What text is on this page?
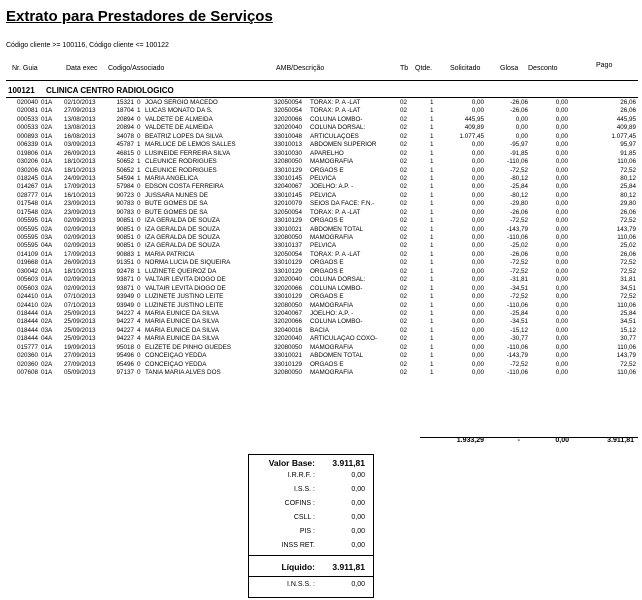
Extrato para Prestadores de Serviços
Código cliente >= 100116, Código cliente <= 100122
Nr. Guia	Data exec Codigo/Associado	AMB/Descrição	Tb Qtde.	Solicitado	Glosa Desconto	Pago
100121 CLINICA CENTRO RADIOLOGICO
020040 01A	02/10/2013	15321 0 JOAO SERGIO MACEDO	32050054	TORAX: P. A -LAT	02	1	0,00	-26,06	0,00	26,06
020081 01A	27/09/2013	18704 1 LUCAS MONATO DA S.	32050054	TORAX: P. A -LAT	02	1	0,00	-26,06	0,00	26,06
000533 01A	13/08/2013	20894 0 VALDETE DE ALMEIDA	32020066	COLUNA LOMBO-	02	1	445,95	0,00	0,00	445,95
000533 02A	13/08/2013	20894 0 VALDETE DE ALMEIDA	32020040	COLUNA DORSAL:	02	1	409,89	0,00	0,00	409,89
000893 01A	16/08/2013	34078 0 BEATRIZ LOPES DA SILVA	33010048	ARTICULAÇÕES	02	1	1.077,45	0,00	0,00	1.077,45
006339 01A	03/09/2013	45787 1 MARLUCE DE LEMOS SALLES	33010013	ABDOMEN SUPERIOR	02	1	0,00	-95,97	0,00	95,97
019806 01A	26/09/2013	46815 0 LUSINEIDE FERREIRA SILVA	33010030	APARELHO	02	1	0,00	-91,85	0,00	91,85
030206 01A	18/10/2013	50652 1 CLEUNICE RODRIGUES	32080050	MAMOGRAFIA	02	1	0,00	-110,06	0,00	110,06
030206 02A	18/10/2013	50652 1 CLEUNICE RODRIGUES	33010129	ORGÃOS E	02	1	0,00	-72,52	0,00	72,52
018245 01A	24/09/2013	54594 1 MARIA ANGELICA	33010145	PÉLVICA	02	1	0,00	-80,12	0,00	80,12
014267 01A	17/09/2013	57984 0 EDSON COSTA FERREIRA	32040067	JOELHO: A.P. -	02	1	0,00	-25,84	0,00	25,84
028777 01A	16/10/2013	90723 0 JUSSARA NUNES DE	33010145	PÉLVICA	02	1	0,00	-80,12	0,00	80,12
017548 01A	23/09/2013	90783 0 BUTE GOMES DE SÁ	32010079	SEIOS DA FACE: F.N.-	02	1	0,00	-29,80	0,00	29,80
017548 02A	23/09/2013	90783 0 BUTE GOMES DE SÁ	32050054	TORAX: P. A -LAT	02	1	0,00	-26,06	0,00	26,06
005595 01A	02/09/2013	90851 0 IZA GERALDA DE SOUZA	33010129	ORGÃOS E	02	1	0,00	-72,52	0,00	72,52
005595 02A	02/09/2013	90851 0 IZA GERALDA DE SOUZA	33010021	ABDOMEN TOTAL	02	1	0,00	-143,79	0,00	143,79
005595 03A	02/09/2013	90851 0 IZA GERALDA DE SOUZA	32080050	MAMOGRAFIA	02	1	0,00	-110,06	0,00	110,06
005595 04A	02/09/2013	90851 0 IZA GERALDA DE SOUZA	33010137	PÉLVICA	02	1	0,00	-25,02	0,00	25,02
014109 01A	17/09/2013	90883 1 MARIA PATRICIA	32050054	TORAX: P. A -LAT	02	1	0,00	-26,06	0,00	26,06
019668 01A	26/09/2013	91351 0 NORMA LUCIA DE SIQUEIRA	33010129	ORGÃOS E	02	1	0,00	-72,52	0,00	72,52
030042 01A	18/10/2013	92478 1 LUZINETE QUEIROZ DA	33010129	ORGÃOS E	02	1	0,00	-72,52	0,00	72,52
005603 01A	02/09/2013	93871 0 VALTAIR LEVITA DIOGO DE	32020040	COLUNA DORSAL:	02	1	0,00	-31,81	0,00	31,81
005603 02A	02/09/2013	93871 0 VALTAIR LEVITA DIOGO DE	32020066	COLUNA LOMBO-	02	1	0,00	-34,51	0,00	34,51
024410 01A	07/10/2013	93949 0 LUZINETE JUSTINO LEITE	33010129	ORGÃOS E	02	1	0,00	-72,52	0,00	72,52
024410 02A	07/10/2013	93949 0 LUZINETE JUSTINO LEITE	32080050	MAMOGRAFIA	02	1	0,00	-110,06	0,00	110,06
018444 01A	25/09/2013	94227 4 MARIA EUNICE DA SILVA	32040067	JOELHO: A.P. -	02	1	0,00	-25,84	0,00	25,84
018444 02A	25/09/2013	94227 4 MARIA EUNICE DA SILVA	32020066	COLUNA LOMBO-	02	1	0,00	-34,51	0,00	34,51
018444 03A	25/09/2013	94227 4 MARIA EUNICE DA SILVA	32040016	BACIA	02	1	0,00	-15,12	0,00	15,12
018444 04A	25/09/2013	94227 4 MARIA EUNICE DA SILVA	32020040	ARTICULAÇÃO COXO-	02	1	0,00	-30,77	0,00	30,77
015777 01A	19/09/2013	95018 0 ELIZETE DE PINHO GUEDES	32080050	MAMOGRAFIA	02	1	0,00	-110,06	0,00	110,06
020360 01A	27/09/2013	95496 0 CONCEIÇÃO YEDDA	33010021	ABDOMEN TOTAL	02	1	0,00	-143,79	0,00	143,79
020360 02A	27/09/2013	95496 0 CONCEIÇÃO YEDDA	33010129	ORGÃOS E	02	1	0,00	-72,52	0,00	72,52
007608 01A	05/09/2013	97137 0 TANIA MARIA ALVES DOS	32080050	MAMOGRAFIA	02	1	0,00	-110,06	0,00	110,06
1.933,29	-	0,00	3.911,81
Valor Base: 3.911,81
I.R.R.F. :	0,00
I.S.S. :	0,00
COFINS :	0,00
CSLL :	0,00
PIS :	0,00
INSS RET.	0,00
Líquido: 3.911,81
I.N.S.S. :	0,00
